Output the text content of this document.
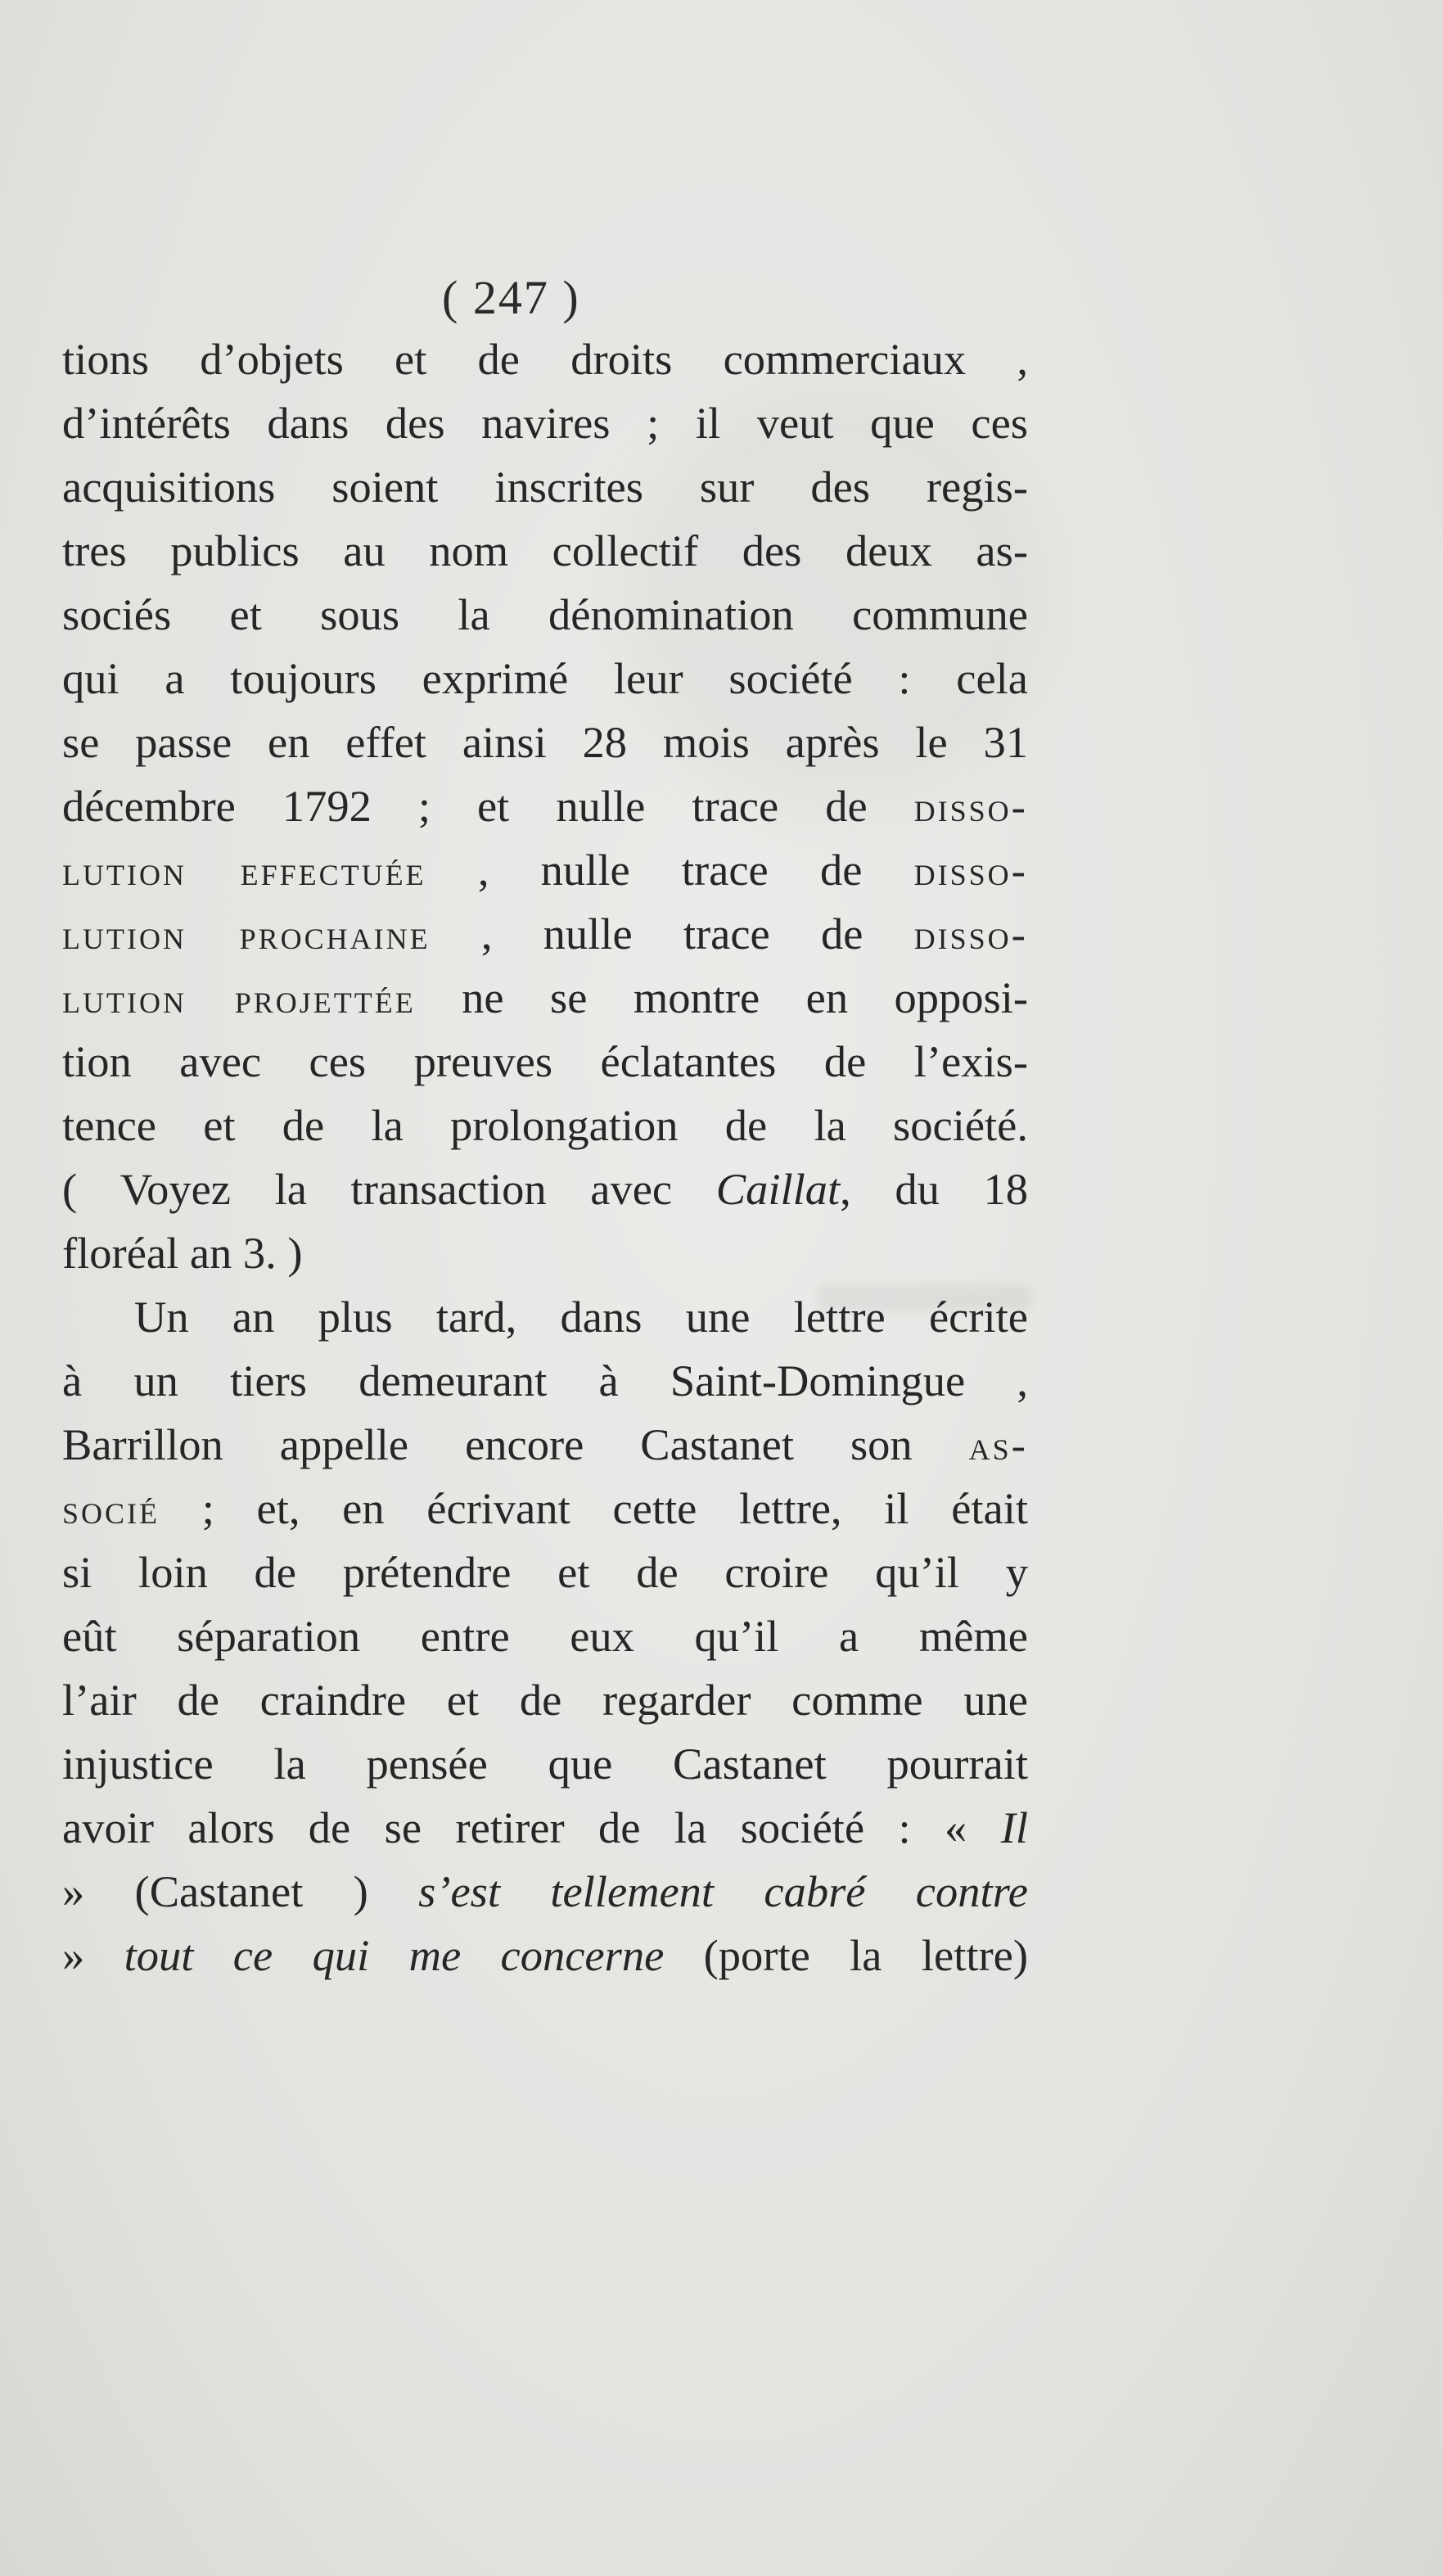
( 247 )
tions d’objets et de droits commerciaux ,
d’intérêts dans des navires ; il veut que ces
acquisitions soient inscrites sur des regis-
tres publics au nom collectif des deux as-
sociés et sous la dénomination commune
qui a toujours exprimé leur société : cela
se passe en effet ainsi 28 mois après le 31
décembre 1792 ; et nulle trace de disso-
lution effectuée , nulle trace de disso-
lution prochaine , nulle trace de disso-
lution projettée ne se montre en opposi-
tion avec ces preuves éclatantes de l’exis-
tence et de la prolongation de la société.
( Voyez la transaction avec Caillat, du 18
floréal an 3. )
Un an plus tard, dans une lettre écrite
à un tiers demeurant à Saint-Domingue ,
Barrillon appelle encore Castanet son as-
socié ; et, en écrivant cette lettre, il était
si loin de prétendre et de croire qu’il y
eût séparation entre eux qu’il a même
l’air de craindre et de regarder comme une
injustice la pensée que Castanet pourrait
avoir alors de se retirer de la société : « Il
» (Castanet ) s’est tellement cabré contre
» tout ce qui me concerne (porte la lettre)
